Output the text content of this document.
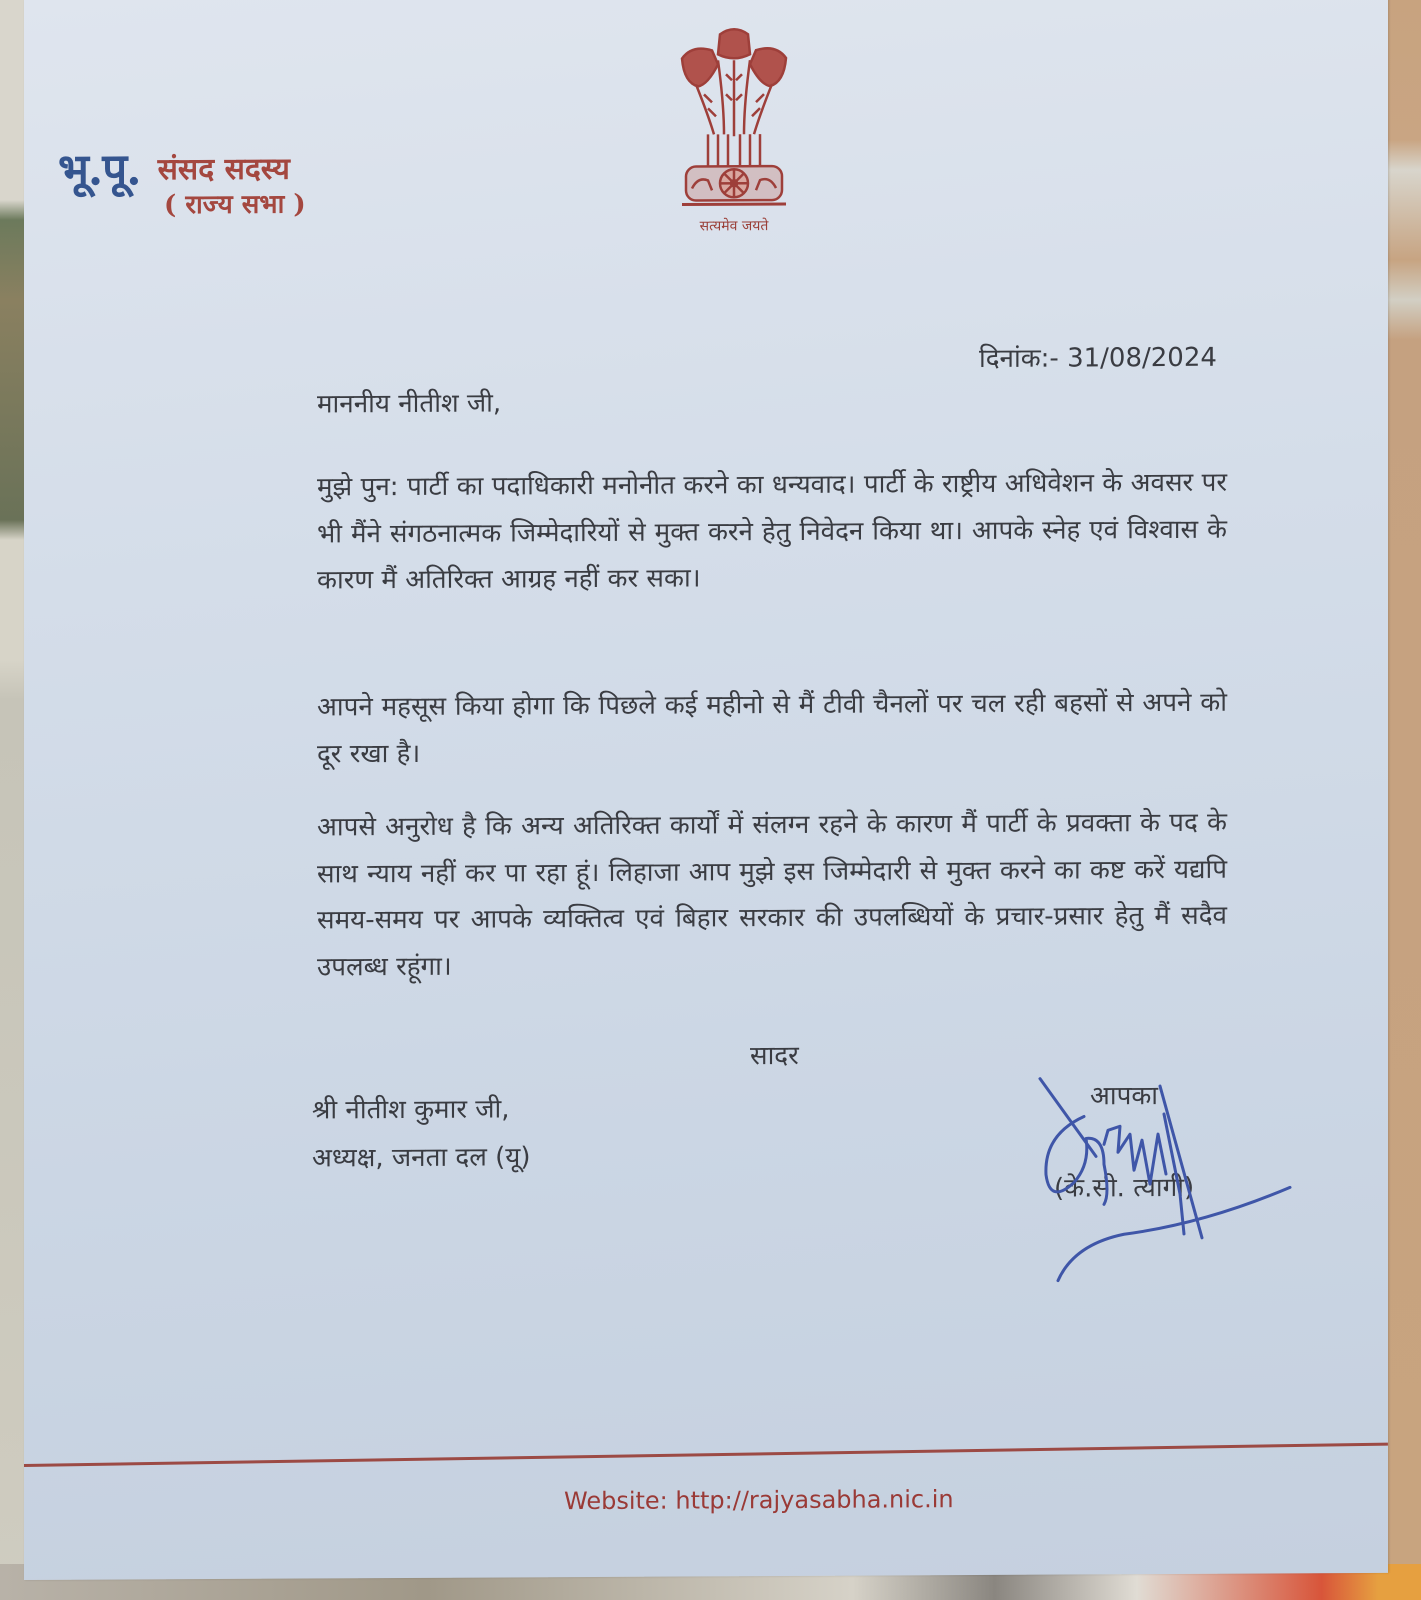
भू.पू. संसद सदस्य
( राज्य सभा )
सत्यमेव जयते
दिनांक:- 31/08/2024
माननीय नीतीश जी,
मुझे पुन: पार्टी का पदाधिकारी मनोनीत करने का धन्यवाद। पार्टी के राष्ट्रीय अधिवेशन के अवसर पर भी मैंने संगठनात्मक जिम्मेदारियों से मुक्त करने हेतु निवेदन किया था। आपके स्नेह एवं विश्वास के कारण मैं अतिरिक्त आग्रह नहीं कर सका।
आपने महसूस किया होगा कि पिछले कई महीनो से मैं टीवी चैनलों पर चल रही बहसों से अपने को दूर रखा है।
आपसे अनुरोध है कि अन्य अतिरिक्त कार्यों में संलग्न रहने के कारण मैं पार्टी के प्रवक्ता के पद के साथ न्याय नहीं कर पा रहा हूं। लिहाजा आप मुझे इस जिम्मेदारी से मुक्त करने का कष्ट करें यद्यपि समय-समय पर आपके व्यक्तित्व एवं बिहार सरकार की उपलब्धियों के प्रचार-प्रसार हेतु मैं सदैव उपलब्ध रहूंगा।
सादर
श्री नीतीश कुमार जी,
अध्यक्ष, जनता दल (यू)
आपका
(के.सी. त्यागी)
Website: http://rajyasabha.nic.in
